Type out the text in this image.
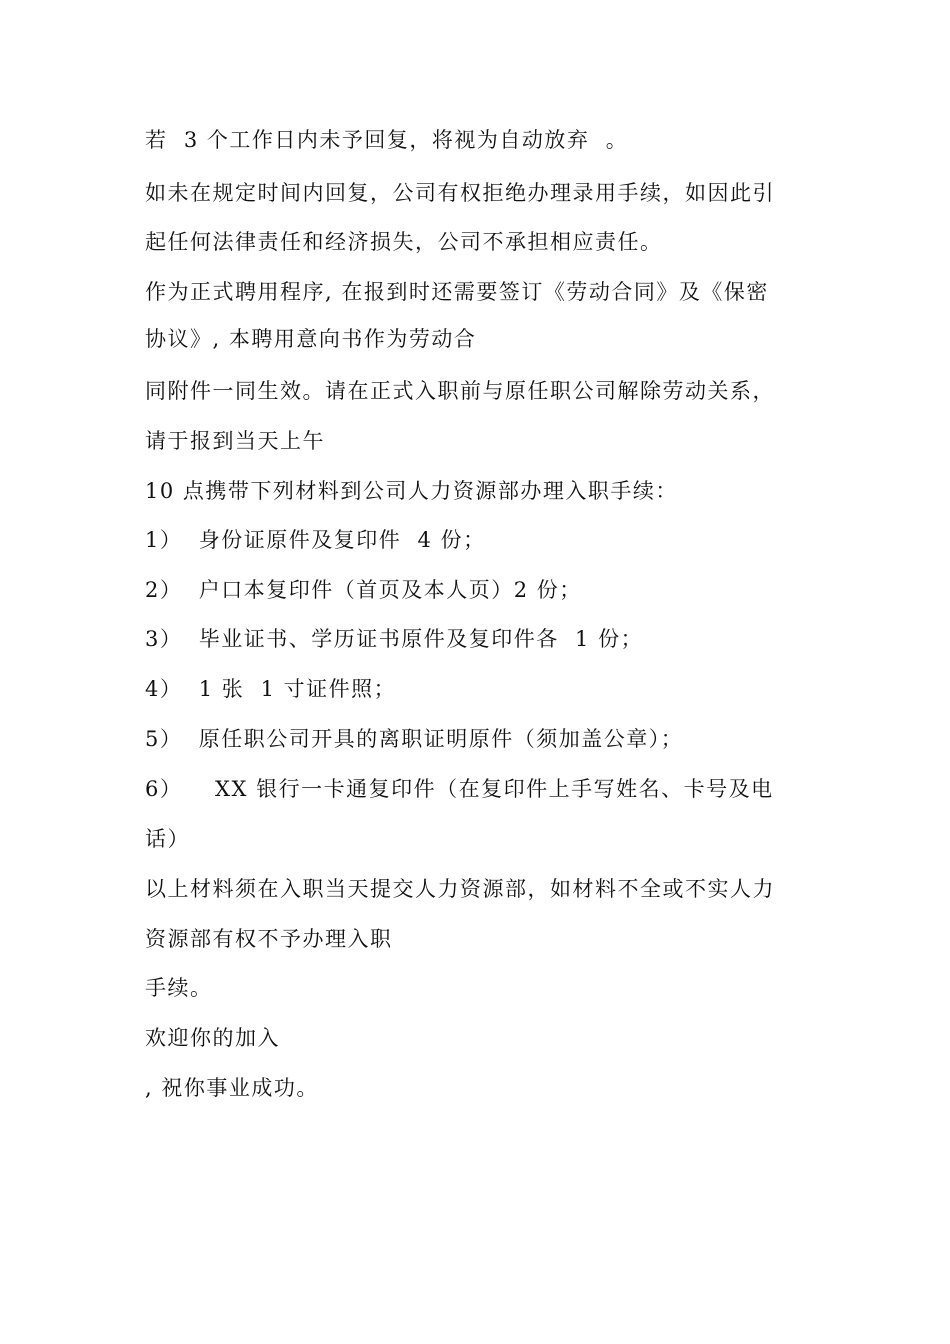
若  3 个工作日内未予回复，将视为自动放弃  。
如未在规定时间内回复，公司有权拒绝办理录用手续，如因此引
起任何法律责任和经济损失，公司不承担相应责任。
作为正式聘用程序, 在报到时还需要签订《劳动合同》及《保密
协议》, 本聘用意向书作为劳动合
同附件一同生效。请在正式入职前与原任职公司解除劳动关系，
请于报到当天上午
10 点携带下列材料到公司人力资源部办理入职手续：
1）  身份证原件及复印件  4 份；
2）  户口本复印件（首页及本人页）2 份；
3）  毕业证书、学历证书原件及复印件各  1 份；
4）  1 张  1 寸证件照；
5）  原任职公司开具的离职证明原件（须加盖公章）；
6）    XX 银行一卡通复印件（在复印件上手写姓名、卡号及电
话）
以上材料须在入职当天提交人力资源部，如材料不全或不实人力
资源部有权不予办理入职
手续。
欢迎你的加入
, 祝你事业成功。
